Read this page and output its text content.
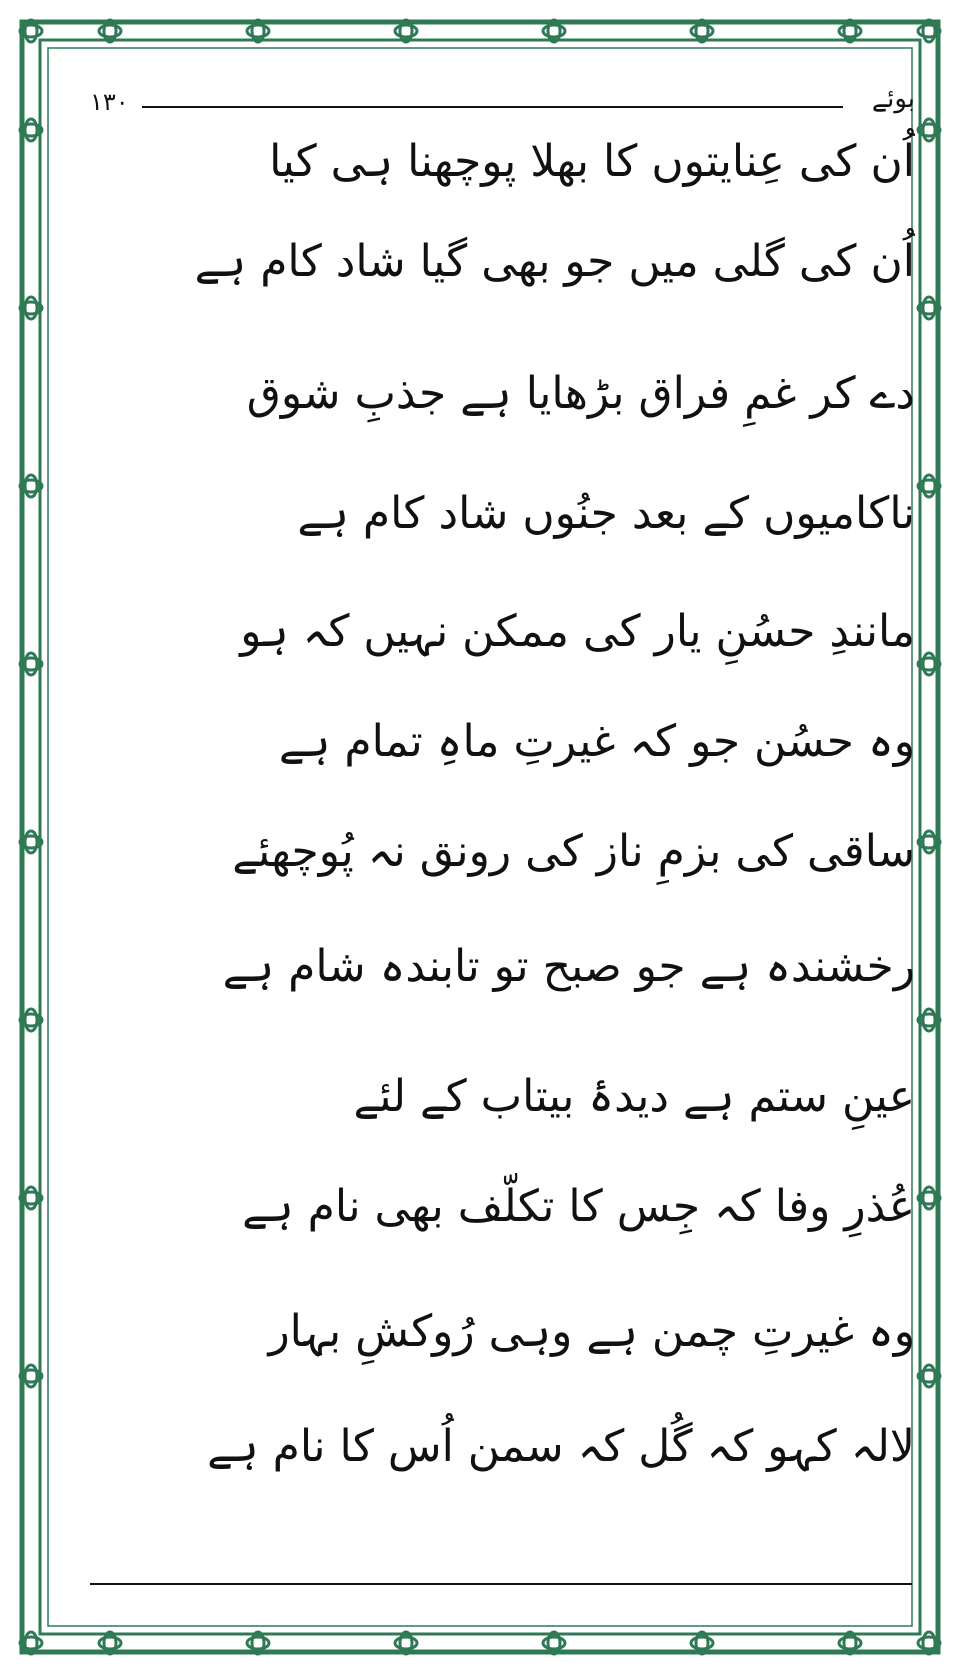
۱۳۰	بوئے
اُن کی عِنایتوں کا بھلا پوچھنا ہی کیا
اُن کی گلی میں جو بھی گیا شاد کام ہے
دے کر غمِ فراق بڑھایا ہے جذبِ شوق
ناکامیوں کے بعد جنُوں شاد کام ہے
مانندِ حسُنِ یار کی ممکن نہیں کہ ہو
وہ حسُن جو کہ غیرتِ ماہِ تمام ہے
ساقی کی بزمِ ناز کی رونق نہ پُوچھئے
رخشندہ ہے جو صبح تو تابندہ شام ہے
عینِ ستم ہے دیدۂ بیتاب کے لئے
عُذرِ وفا کہ جِس کا تکلّف بھی نام ہے
وہ غیرتِ چمن ہے وہی رُوکشِ بہار
لالہ کہو کہ گُل کہ سمن اُس کا نام ہے
